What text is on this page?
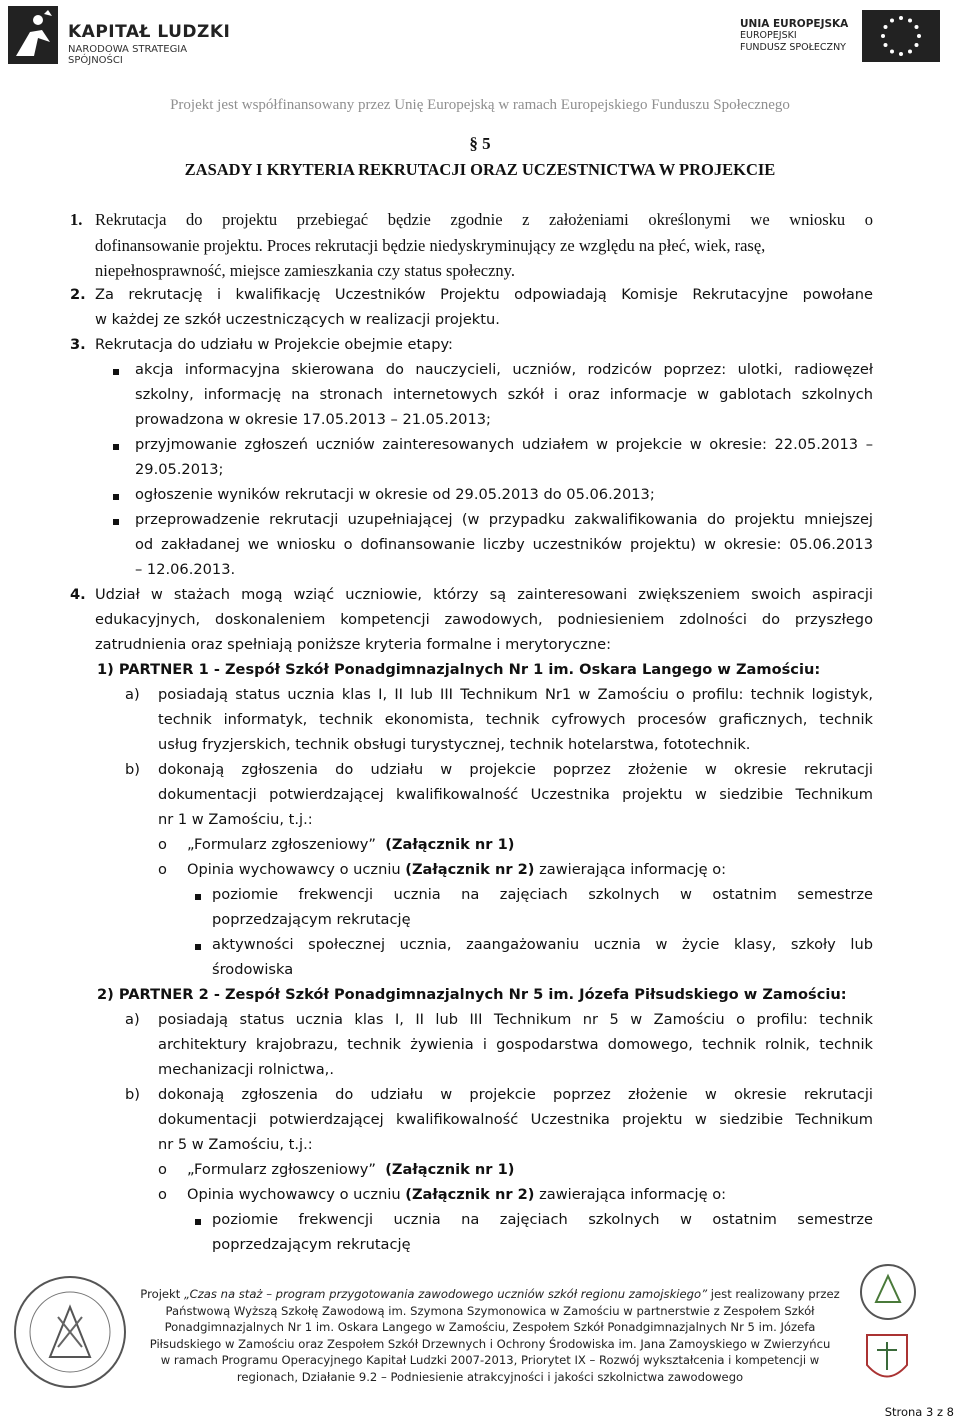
KAPITAŁ LUDZKI
NARODOWA STRATEGIA SPÓJNOŚCI
UNIA EUROPEJSKA
EUROPEJSKI
FUNDUSZ SPOŁECZNY
Projekt jest współfinansowany przez Unię Europejską w ramach Europejskiego Funduszu Społecznego
§ 5
ZASADY I KRYTERIA REKRUTACJI ORAZ UCZESTNICTWA W PROJEKCIE
1. Rekrutacja do projektu przebiegać będzie zgodnie z założeniami określonymi we wniosku o
dofinansowanie projektu. Proces rekrutacji będzie niedyskryminujący ze względu na płeć, wiek, rasę,
niepełnosprawność, miejsce zamieszkania czy status społeczny.
2. Za rekrutację i kwalifikację Uczestników Projektu odpowiadają Komisje Rekrutacyjne powołane
w każdej ze szkół uczestniczących w realizacji projektu.
3. Rekrutacja do udziału w Projekcie obejmie etapy:
akcja informacyjna skierowana do nauczycieli, uczniów, rodziców poprzez: ulotki, radiowęzeł
szkolny, informację na stronach internetowych szkół i oraz informacje w gablotach szkolnych
prowadzona w okresie 17.05.2013 – 21.05.2013;
przyjmowanie zgłoszeń uczniów zainteresowanych udziałem w projekcie w okresie: 22.05.2013 –
29.05.2013;
ogłoszenie wyników rekrutacji w okresie od 29.05.2013 do 05.06.2013;
przeprowadzenie rekrutacji uzupełniającej (w przypadku zakwalifikowania do projektu mniejszej
od zakładanej we wniosku o dofinansowanie liczby uczestników projektu) w okresie: 05.06.2013
– 12.06.2013.
4. Udział w stażach mogą wziąć uczniowie, którzy są zainteresowani zwiększeniem swoich aspiracji
edukacyjnych, doskonaleniem kompetencji zawodowych, podniesieniem zdolności do przyszłego
zatrudnienia oraz spełniają poniższe kryteria formalne i merytoryczne:
1) PARTNER 1 - Zespół Szkół Ponadgimnazjalnych Nr 1 im. Oskara Langego w Zamościu:
a) posiadają status ucznia klas I, II lub III Technikum Nr1 w Zamościu o profilu: technik logistyk,
technik informatyk, technik ekonomista, technik cyfrowych procesów graficznych, technik
usług fryzjerskich, technik obsługi turystycznej, technik hotelarstwa, fototechnik.
b) dokonają zgłoszenia do udziału w projekcie poprzez złożenie w okresie rekrutacji
dokumentacji potwierdzającej kwalifikowalność Uczestnika projektu w siedzibie Technikum
nr 1 w Zamościu, t.j.:
o „Formularz zgłoszeniowy”  (Załącznik nr 1)
o Opinia wychowawcy o uczniu (Załącznik nr 2) zawierająca informację o:
poziomie frekwencji ucznia na zajęciach szkolnych w ostatnim semestrze
poprzedzającym rekrutację
aktywności społecznej ucznia, zaangażowaniu ucznia w życie klasy, szkoły lub
środowiska
2) PARTNER 2 - Zespół Szkół Ponadgimnazjalnych Nr 5 im. Józefa Piłsudskiego w Zamościu:
a) posiadają status ucznia klas I, II lub III Technikum nr 5 w Zamościu o profilu: technik
architektury krajobrazu, technik żywienia i gospodarstwa domowego, technik rolnik, technik
mechanizacji rolnictwa,.
b) dokonają zgłoszenia do udziału w projekcie poprzez złożenie w okresie rekrutacji
dokumentacji potwierdzającej kwalifikowalność Uczestnika projektu w siedzibie Technikum
nr 5 w Zamościu, t.j.:
o „Formularz zgłoszeniowy”  (Załącznik nr 1)
o Opinia wychowawcy o uczniu (Załącznik nr 2) zawierająca informację o:
poziomie frekwencji ucznia na zajęciach szkolnych w ostatnim semestrze
poprzedzającym rekrutację
Projekt „Czas na staż – program przygotowania zawodowego uczniów szkół regionu zamojskiego” jest realizowany przez
Państwową Wyższą Szkołę Zawodową im. Szymona Szymonowica w Zamościu w partnerstwie z Zespołem Szkół
Ponadgimnazjalnych Nr 1 im. Oskara Langego w Zamościu, Zespołem Szkół Ponadgimnazjalnych Nr 5 im. Józefa
Piłsudskiego w Zamościu oraz Zespołem Szkół Drzewnych i Ochrony Środowiska im. Jana Zamoyskiego w Zwierzyńcu
w ramach Programu Operacyjnego Kapitał Ludzki 2007-2013, Priorytet IX – Rozwój wykształcenia i kompetencji w
regionach, Działanie 9.2 – Podniesienie atrakcyjności i jakości szkolnictwa zawodowego
Strona 3 z 8
